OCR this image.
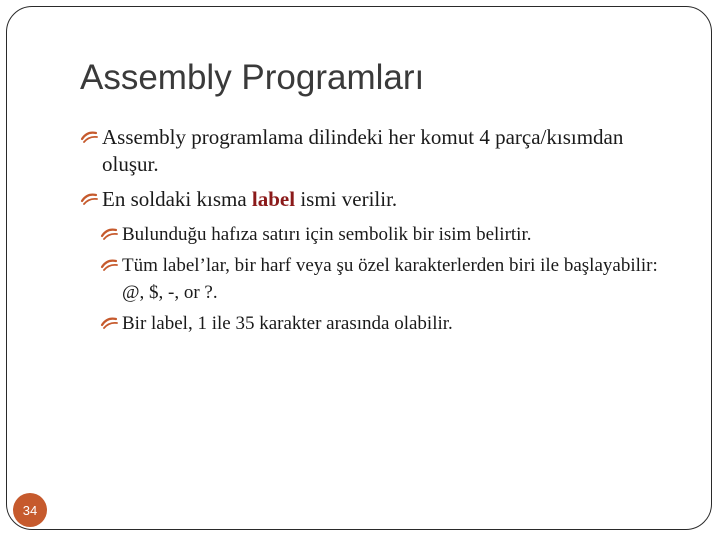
Assembly Programları
Assembly programlama dilindeki her komut 4 parça/kısımdan oluşur.
En soldaki kısma label ismi verilir.
Bulunduğu hafıza satırı için sembolik bir isim belirtir.
Tüm label’lar, bir harf veya şu özel karakterlerden biri ile başlayabilir: @, $, -, or ?.
Bir label, 1 ile 35 karakter arasında olabilir.
34
